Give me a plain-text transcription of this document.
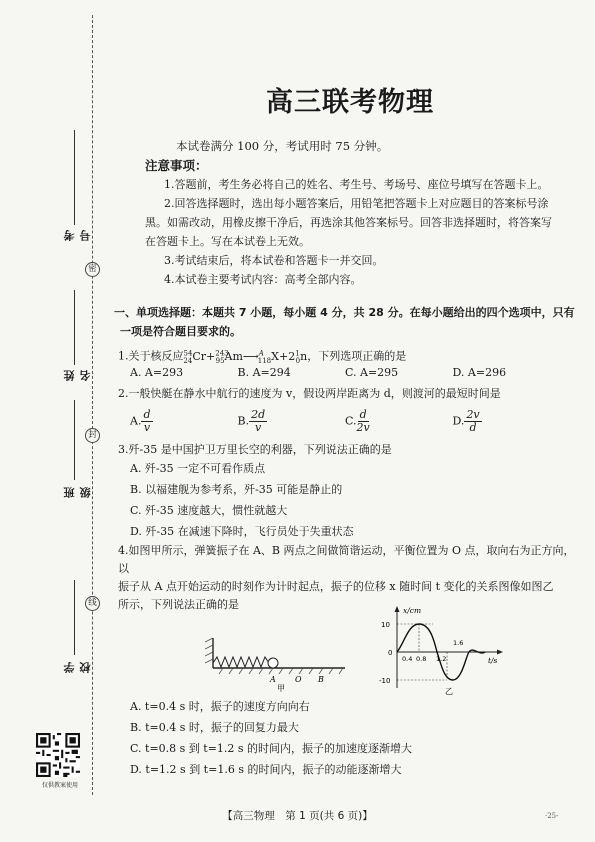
密
封
线
考号
姓名
班级
学校
仅供教案使用
高三联考物理
本试卷满分 100 分，考试用时 75 分钟。
注意事项：

1.答题前，考生务必将自己的姓名、考生号、考场号、座位号填写在答题卡上。

2.回答选择题时，选出每小题答案后，用铅笔把答题卡上对应题目的答案标号涂黑。如需改动，用橡皮擦干净后，再选涂其他答案标号。回答非选择题时，将答案写在答题卡上。写在本试卷上无效。

3.考试结束后，将本试卷和答题卡一并交回。

4.本试卷主要考试内容：高考全部内容。

一、单项选择题：本题共 7 小题，每小题 4 分，共 28 分。在每小题给出的四个选项中，只有一项是符合题目要求的。
1.关于核反应$^{54}_{24}Cr+^{243}_{95}Am⟶^A_{118}X+2^1_0n$，下列选项正确的是
A. A=293	B. A=294	C. A=295	D. A=296
2.一般快艇在静水中航行的速度为 v，假设两岸距离为 d，则渡河的最短时间是
A. $\frac{d}{v}$	B. $\frac{2d}{v}$	C. $\frac{d}{2v}$	D. $\frac{2v}{d}$
3.歼-35 是中国护卫万里长空的利器，下列说法正确的是
A. 歼-35 一定不可看作质点
B. 以福建舰为参考系，歼-35 可能是静止的
C. 歼-35 速度越大，惯性就越大
D. 歼-35 在减速下降时，飞行员处于失重状态
4.如图甲所示，弹簧振子在 A、B 两点之间做简谐运动，平衡位置为 O 点，取向右为正方向，以
振子从 A 点开始运动的时刻作为计时起点，振子的位移 x 随时间 t 变化的关系图像如图乙
所示，下列说法正确的是
A O B
甲
x/cm
t/s
10
0
-10
0.4 0.8 1.2
1.6
乙
A. t=0.4 s 时，振子的速度方向向右
B. t=0.4 s 时，振子的回复力最大
C. t=0.8 s 到 t=1.2 s 的时间内，振子的加速度逐渐增大
D. t=1.2 s 到 t=1.6 s 的时间内，振子的动能逐渐增大
【高三物理　第 1 页(共 6 页)】	·25-
